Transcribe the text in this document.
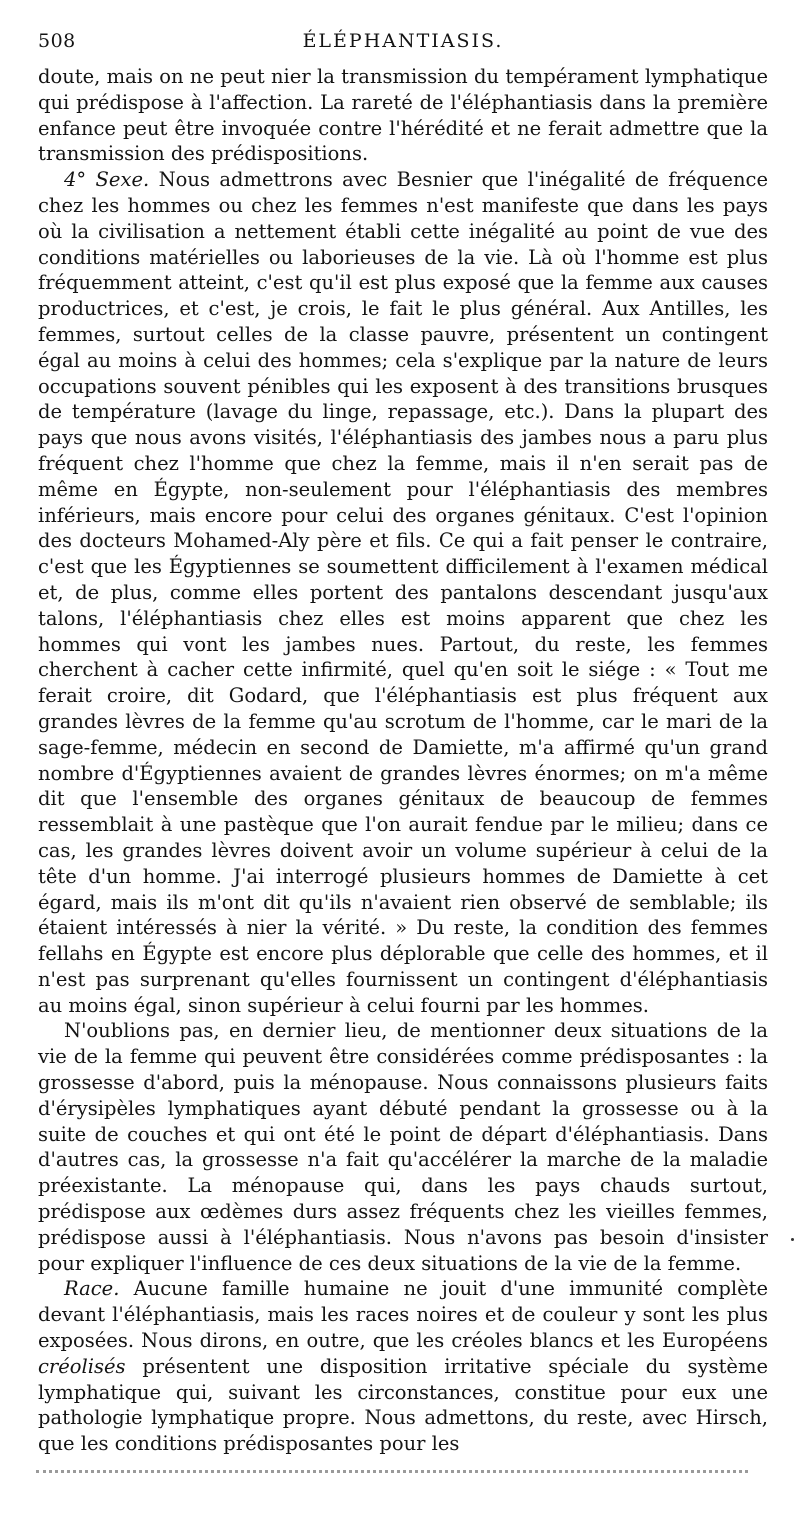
508	ÉLÉPHANTIASIS.

doute, mais on ne peut nier la transmission du tempérament lymphatique qui prédispose à l'affection. La rareté de l'éléphantiasis dans la première enfance peut être invoquée contre l'hérédité et ne ferait admettre que la transmission des prédispositions.

4° Sexe. Nous admettrons avec Besnier que l'inégalité de fréquence chez les hommes ou chez les femmes n'est manifeste que dans les pays où la civilisation a nettement établi cette inégalité au point de vue des conditions matérielles ou laborieuses de la vie. Là où l'homme est plus fréquemment atteint, c'est qu'il est plus exposé que la femme aux causes productrices, et c'est, je crois, le fait le plus général. Aux Antilles, les femmes, surtout celles de la classe pauvre, présentent un contingent égal au moins à celui des hommes; cela s'explique par la nature de leurs occupations souvent pénibles qui les exposent à des transitions brusques de température (lavage du linge, repassage, etc.). Dans la plupart des pays que nous avons visités, l'éléphantiasis des jambes nous a paru plus fréquent chez l'homme que chez la femme, mais il n'en serait pas de même en Égypte, non-seulement pour l'éléphantiasis des membres inférieurs, mais encore pour celui des organes génitaux. C'est l'opinion des docteurs Mohamed-Aly père et fils. Ce qui a fait penser le contraire, c'est que les Égyptiennes se soumettent difficilement à l'examen médical et, de plus, comme elles portent des pantalons descendant jusqu'aux talons, l'éléphantiasis chez elles est moins apparent que chez les hommes qui vont les jambes nues. Partout, du reste, les femmes cherchent à cacher cette infirmité, quel qu'en soit le siége : « Tout me ferait croire, dit Godard, que l'éléphantiasis est plus fréquent aux grandes lèvres de la femme qu'au scrotum de l'homme, car le mari de la sage-femme, médecin en second de Damiette, m'a affirmé qu'un grand nombre d'Égyptiennes avaient de grandes lèvres énormes; on m'a même dit que l'ensemble des organes génitaux de beaucoup de femmes ressemblait à une pastèque que l'on aurait fendue par le milieu; dans ce cas, les grandes lèvres doivent avoir un volume supérieur à celui de la tête d'un homme. J'ai interrogé plusieurs hommes de Damiette à cet égard, mais ils m'ont dit qu'ils n'avaient rien observé de semblable; ils étaient intéressés à nier la vérité. » Du reste, la condition des femmes fellahs en Égypte est encore plus déplorable que celle des hommes, et il n'est pas surprenant qu'elles fournissent un contingent d'éléphantiasis au moins égal, sinon supérieur à celui fourni par les hommes.

N'oublions pas, en dernier lieu, de mentionner deux situations de la vie de la femme qui peuvent être considérées comme prédisposantes : la grossesse d'abord, puis la ménopause. Nous connaissons plusieurs faits d'érysipèles lymphatiques ayant débuté pendant la grossesse ou à la suite de couches et qui ont été le point de départ d'éléphantiasis. Dans d'autres cas, la grossesse n'a fait qu'accélérer la marche de la maladie préexistante. La ménopause qui, dans les pays chauds surtout, prédispose aux œdèmes durs assez fréquents chez les vieilles femmes, prédispose aussi à l'éléphantiasis. Nous n'avons pas besoin d'insister pour expliquer l'influence de ces deux situations de la vie de la femme.

Race. Aucune famille humaine ne jouit d'une immunité complète devant l'éléphantiasis, mais les races noires et de couleur y sont les plus exposées. Nous dirons, en outre, que les créoles blancs et les Européens créolisés présentent une disposition irritative spéciale du système lymphatique qui, suivant les circonstances, constitue pour eux une pathologie lymphatique propre. Nous admettons, du reste, avec Hirsch, que les conditions prédisposantes pour les
